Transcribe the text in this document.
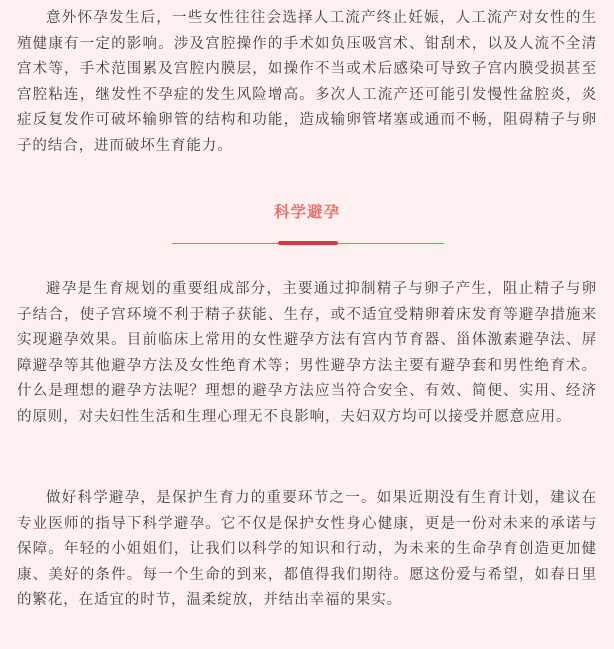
意外怀孕发生后，一些女性往往会选择人工流产终止妊娠，人工流产对女性的生殖健康有一定的影响。涉及宫腔操作的手术如负压吸宫术、钳刮术，以及人流不全清宫术等，手术范围累及宫腔内膜层，如操作不当或术后感染可导致子宫内膜受损甚至宫腔粘连，继发性不孕症的发生风险增高。多次人工流产还可能引发慢性盆腔炎，炎症反复发作可破坏输卵管的结构和功能，造成输卵管堵塞或通而不畅，阻碍精子与卵子的结合，进而破坏生育能力。

科学避孕

避孕是生育规划的重要组成部分，主要通过抑制精子与卵子产生，阻止精子与卵子结合，使子宫环境不利于精子获能、生存，或不适宜受精卵着床发育等避孕措施来实现避孕效果。目前临床上常用的女性避孕方法有宫内节育器、甾体激素避孕法、屏障避孕等其他避孕方法及女性绝育术等；男性避孕方法主要有避孕套和男性绝育术。什么是理想的避孕方法呢？理想的避孕方法应当符合安全、有效、简便、实用、经济的原则，对夫妇性生活和生理心理无不良影响，夫妇双方均可以接受并愿意应用。

做好科学避孕，是保护生育力的重要环节之一。如果近期没有生育计划，建议在专业医师的指导下科学避孕。它不仅是保护女性身心健康，更是一份对未来的承诺与保障。年轻的小姐姐们，让我们以科学的知识和行动，为未来的生命孕育创造更加健康、美好的条件。每一个生命的到来，都值得我们期待。愿这份爱与希望，如春日里的繁花，在适宜的时节，温柔绽放，并结出幸福的果实。
